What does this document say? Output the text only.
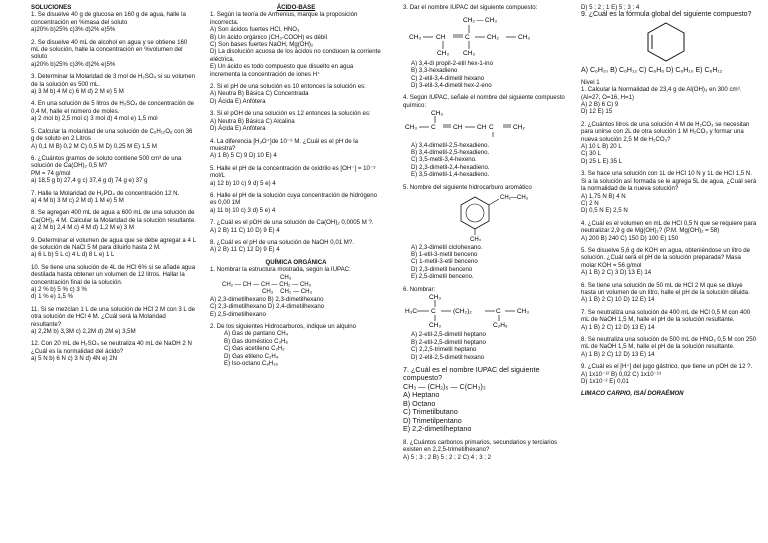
SOLUCIONES

1. Se disuelve 40 g de glucosa en 160 g de agua, halle la concentración en %masa del soluto

a)20% b)25% c)3% d)2% e)5%

2. Se disuelve 40 mL de alcohol en agua y se obtiene 160 mL de solución, halle la concentración en %volumen del soluto

a)20% b)25% c)3% d)2% e)5%

3. Determinar la Molaridad de 3 mol de H₂SO₄ si su volumen de la solución es 500 mL.

a) 3 M b) 4 M c) 6 M d) 2 M e) 5 M

4. En una solución de 5 litros de H₂SO₄ de concentración de 0,4 M, halle el número de moles.

a) 2 mol b) 2,5 mol c) 3 mol d) 4 mol e) 1,5 mol

5. Calcular la molaridad de una solución de C₆H₁₂O₆ con 36 g de soluto en 2 Litros

A) 0,1 M B) 0,2 M C) 0,5 M D) 0,25 M E) 1,5 M

6. ¿Cuántos gramos de soluto contiene 500 cm³ de una solución de Ca(OH)₂ 0,5 M?

PM = 74 g/mol

a) 18,5 g b) 27,4 g c) 37,4 g d) 74 g e) 37 g

7. Halle la Molaridad de H₃PO₄ de concentración 12 N.

a) 4 M b) 3 M c) 2 M d) 1 M e) 5 M

8. Se agregan 400 mL de agua a 600 mL de una solución de Ca(OH)₂ 4 M. Calcular la Molaridad de la solución resultante.

a) 2 M b) 2,4 M c) 4 M d) 1,2 M e) 3 M

9. Determinar el volumen de agua que se debe agregar a 4 L de solución de NaCl 5 M para diluirlo hasta 2 M.

a) 6 L b) 5 L c) 4 L d) 8 L e) 1 L

10. Se tiene una solución de 4L de HCl 6% si se añade agua destilada hasta obtener un volumen de 12 litros. Hallar la concentración final de la solución.

a) 2 % b) 5 % c) 3 %

d) 1 % e) 1,5 %

11. Si se mezclan 1 L de una solución de HCl 2 M con 3 L de otra solución de HCl 4 M. ¿Cuál será la Molaridad resultante?

a) 2,2M b) 3,3M c) 2,2M d) 2M e) 3,5M

12. Con 20 mL de H₂SO₄ se neutraliza 40 mL de NaOH 2 N ¿Cuál es la normalidad del ácido?

a) 5 N b) 6 N c) 3 N d) 4N e) 2N

ÁCIDO-BASE

1. Según la teoría de Arrhenius, marque la proposición incorrecta.

A) Son ácidos fuertes HCl, HNO₃
B) Un ácido orgánico (CH₃-COOH) es débil
C) Son bases fuertes NaOH, Mg(OH)₂
D) La disolución acuosa de los ácidos no conducen la corriente eléctrica.
E) Un ácido es todo compuesto que disuelto en agua incrementa la concentración de iones H⁺

2. Si el pH de una solución es 10 entonces la solución es:

A) Neutra B) Básica C) Concentrada
D) Ácida E) Anfótera

3. Si el pOH de una solución es 12 entonces la solución es:

A) Neutra B) Básica C) Alcalina
D) Ácida E) Anfótera

4. La diferencia [H₃O⁺]de 10⁻⁹ M. ¿Cuál es el pH de la muestra?

A) 1 B) 5 C) 9 D) 10 E) 4

5. Halle el pH de la concentración de oxidrilo es [OH⁻] = 10⁻⁵ mol/L

a) 12 b) 10 c) 9 d) 5 e) 4

6. Halle el pH de la solución cuya concentración de hidrógeno es 0,00 1M

a) 11 b) 10 c) 3 d) 5 e) 4

7. ¿Cuál es el pOH de una solución de Ca(OH)₂ 0,0005 M ?.

A) 2 B) 11 C) 10 D) 9 E) 4

8. ¿Cuál es el pH de una solución de NaOH 0,01 M?.

A) 2 B) 11 C) 12 D) 9 E) 4

QUÍMICA ORGÁNICA

1. Nombrar la estructura mostrada, según la IUPAC:

CH₃

CH₂ — CH — CH — CH₂ — CH₃

CH₃ CH₂ — CH₃

A) 2,3-dimetilhexano B) 2,3-dimetilhexano
C) 2,3-dimetilhexano D) 2,4-dimetilhexano
E) 2,5-dimetilhexano

2. De los siguientes Hidrocarburos, indique un alquino

A) Gas de pantano CH₄
B) Gas doméstico C₃H₈
C) Gas acetileno C₂H₂
D) Gas etileno C₂H₄
E) Iso-octano C₈H₁₈

3. Dar el nombre IUPAC del siguiente compuesto:

CH₃ CH	C	CH₂	CH₃
CH₂ — CH₃
CH₃ CH₃
A) 3,4-di propil-2-etil hex-1-ino
B) 3,3-hexadieno
C) 2-etil-3,4-dimetil hexano
D) 3-etil-3,4-dimetil hex-2-eno

4. Según IUPAC, señale el nombre del siguiente compuesto químico:

CH₃
CH₃ C	CH CH C	CH₂
A) 3,4-dimetil-2,5-hexadieno.
B) 3,4-dimetil-2,5-hexadieno.
C) 3,5-metil-3,4-hexeno.
D) 2,3-dimetil-2,4-hexadieno.
E) 3,5-dimetil-1,4-hexadieno.

5. Nombre del siguiente hidrocarburo aromático

CH₂—CH₃
CH₃
A) 2,3-dimetil ciclohexano.
B) 1-etil-3-metil benceno
C) 1-metil-3-etil benceno
D) 2,3-dimetil benceno
E) 2,5-dimetil benceno.

6. Nombrar:

CH₃
H₃C C	(CH₂)₂	C	CH₃
CH₃	C₂H₅
A) 2-etil-2,5-dimetil heptano
B) 2-etil-2,5-dimetil heptano
C) 2,2,5-trimetil heptano
D) 2-etil-2,5-dimetil hexano

7. ¿Cuál es el nombre IUPAC del siguiente compuesto?

CH₃ — (CH₂)₅ — C(CH₃)₃

A) Heptano
B) Octano
C) Trimetilbutano
D) Trimetilpentano
E) 2,2-dimetilheptano

8. ¿Cuántos carbonos primarios, secundarios y terciarios existen en 2,2,5-trimetilhexano?

A) 5 ; 3 ; 2 B) 5 ; 2 ; 2 C) 4 ; 3 ; 2

D) 5 ; 2 ; 1 E) 5 ; 3 ; 4

9. ¿Cuál es la fórmula global del siguiente compuesto?

A) C₆H₁₀ B) C₆H₁₂ C) C₆H₆ D) C₆H₁₀ E) C₆H₁₂

Nivel 1

1. Calcular la Normalidad de 23,4 g de Al(OH)₃ en 300 cm³. (Al=27, O=16, H=1)

A) 2 B) 6 C) 9

D) 12 E) 15

2. ¿Cuántos litros de una solución 4 M de H₂CO₃ se necesitan para unirse con 2L de otra solución 1 M H₂CO₃ y formar una nueva solución 2,5 M de H₂CO₃?

A) 10 L B) 20 L

C) 30 L

D) 25 L E) 35 L

3. Se hace una solución con 1L de HCl 10 N y 1L de HCl 1,5 N. Si a la solución así formada se le agrega 5L de agua, ¿Cuál será la normalidad de la nueva solución?

A) 1,75 N B) 4 N

C) 2 N

D) 0,5 N E) 2,5 N

4. ¿Cuál es el volumen en mL de HCl 0,5 N que se requiere para neutralizar 2,9 g de Mg(OH)₂? (P.M. Mg(OH)₂ = 58)

A) 200 B) 240 C) 150 D) 100 E) 150

5. Se disuelve 5,6 g de KOH en agua, obteniéndose un litro de solución. ¿Cuál será el pH de la solución preparada? Masa molar KOH = 56 g/mol

A) 1 B) 2 C) 3 D) 13 E) 14

6. Se tiene una solución de 50 mL de HCl 2 M que se diluye hasta un volumen de un litro, halle el pH de la solución diluida.

A) 1 B) 2 C) 10 D) 12 E) 14

7. Se neutraliza una solución de 400 mL de HCl 0,5 M con 400 mL de NaOH 1,5 M, halle el pH de la solución resultante.

A) 1 B) 2 C) 12 D) 13 E) 14

8. Se neutraliza una solución de 500 mL de HNO₃ 0,5 M con 250 mL de NaOH 1,5 M, halle el pH de la solución resultante.

A) 1 B) 2 C) 12 D) 13 E) 14

9. ¿Cuál es el [H⁺] del jugo gástrico, que tiene un pOH de 12 ?.

A) 1x10⁻¹² B) 0,02 C) 1x10⁻¹³

D) 1x10⁻² E) 0,01

LIMACO CARPIO, ISAÍ DORAÉMON
